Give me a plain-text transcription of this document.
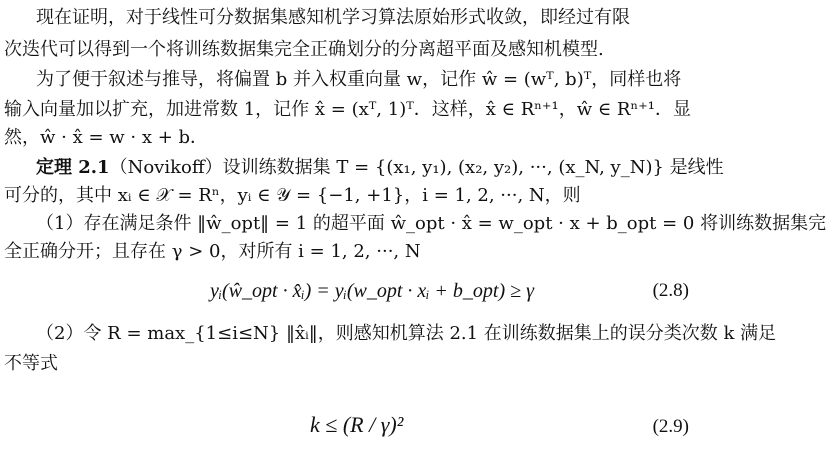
现在证明，对于线性可分数据集感知机学习算法原始形式收敛，即经过有限
次迭代可以得到一个将训练数据集完全正确划分的分离超平面及感知机模型.
为了便于叙述与推导，将偏置 b 并入权重向量 w，记作 ŵ = (wᵀ, b)ᵀ，同样也将
输入向量加以扩充，加进常数 1，记作 x̂ = (xᵀ, 1)ᵀ．这样，x̂ ∈ Rⁿ⁺¹，ŵ ∈ Rⁿ⁺¹．显
然，ŵ · x̂ = w · x + b．
定理 2.1（Novikoff）设训练数据集 T = {(x₁, y₁), (x₂, y₂), ···, (x_N, y_N)} 是线性
可分的，其中 xᵢ ∈ 𝒳 = Rⁿ，yᵢ ∈ 𝒴 = {−1, +1}，i = 1, 2, ···, N，则
（1）存在满足条件 ‖ŵ_opt‖ = 1 的超平面 ŵ_opt · x̂ = w_opt · x + b_opt = 0 将训练数据集完
全正确分开；且存在 γ > 0，对所有 i = 1, 2, ···, N
yᵢ(ŵ_opt · x̂ᵢ) = yᵢ(w_opt · xᵢ + b_opt) ≥ γ	(2.8)
（2）令 R = max_{1≤i≤N} ‖x̂ᵢ‖，则感知机算法 2.1 在训练数据集上的误分类次数 k 满足
不等式
k ≤ (R / γ)²	(2.9)
